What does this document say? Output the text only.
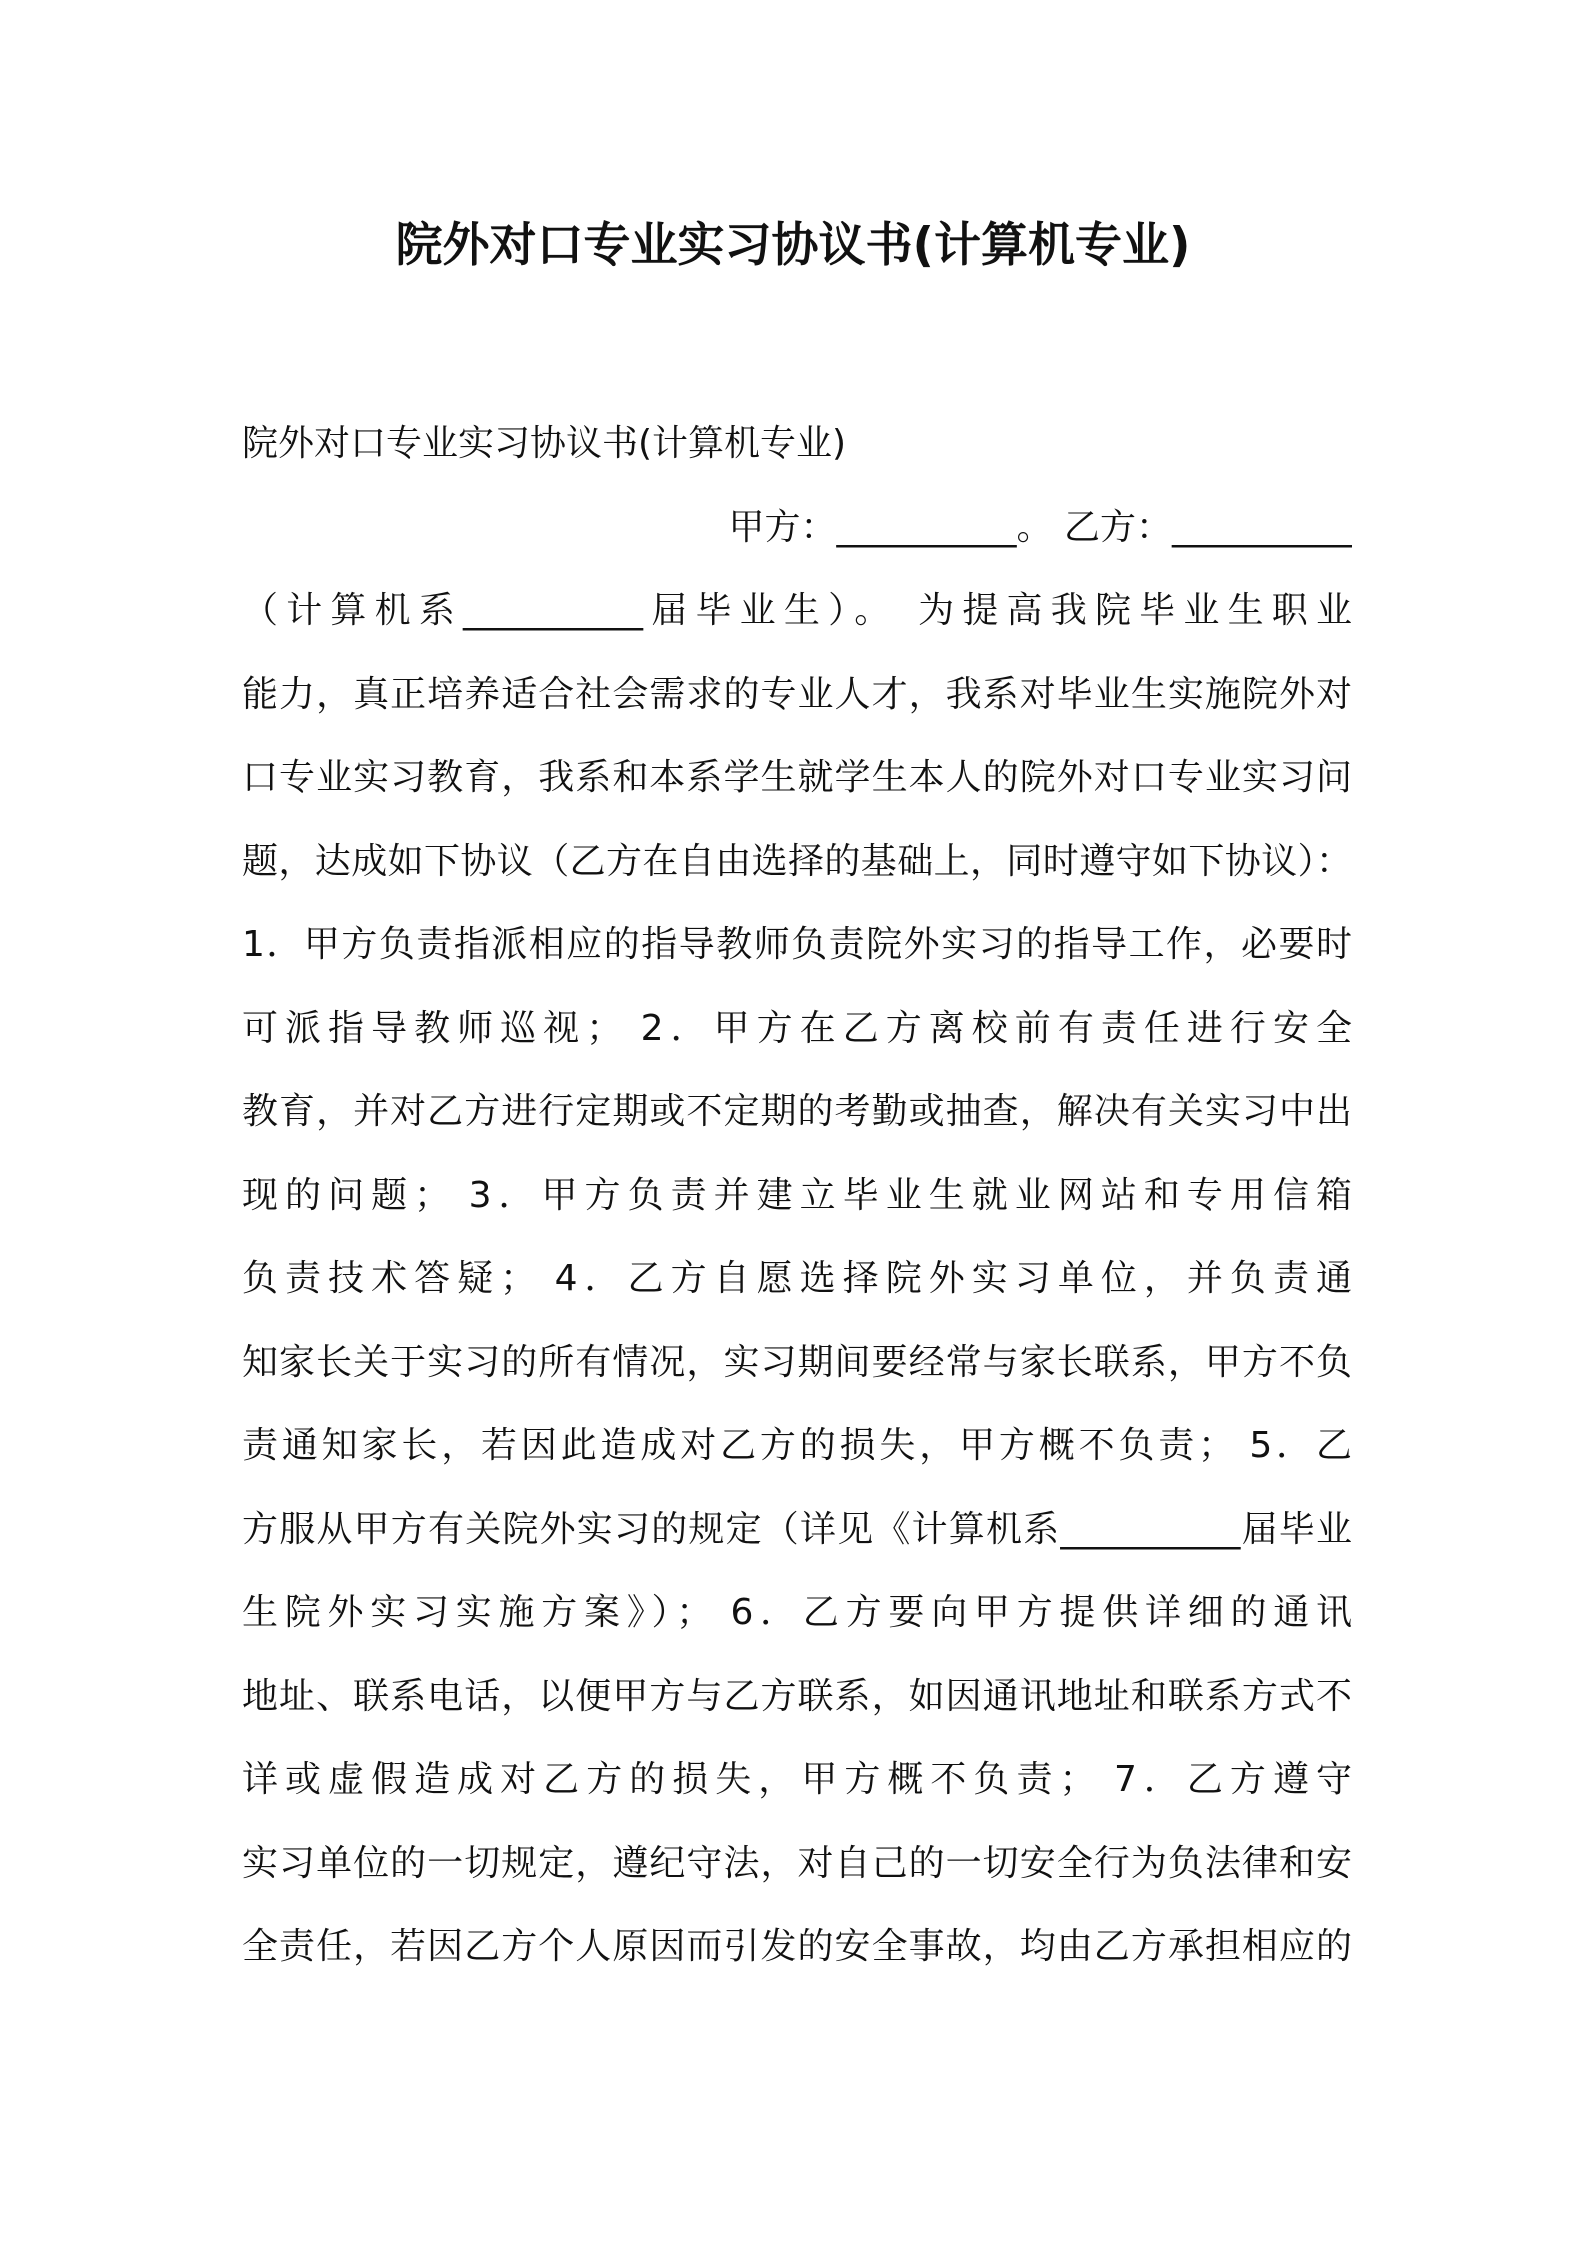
院外对口专业实习协议书(计算机专业)
院外对口专业实习协议书(计算机专业)
甲方：__________。 乙方：__________
（计算机系__________届毕业生）。 为提高我院毕业生职业
能力，真正培养适合社会需求的专业人才，我系对毕业生实施院外对
口专业实习教育，我系和本系学生就学生本人的院外对口专业实习问
题，达成如下协议（乙方在自由选择的基础上，同时遵守如下协议）：
1．甲方负责指派相应的指导教师负责院外实习的指导工作，必要时
可派指导教师巡视； 2．甲方在乙方离校前有责任进行安全
教育，并对乙方进行定期或不定期的考勤或抽查，解决有关实习中出
现的问题； 3．甲方负责并建立毕业生就业网站和专用信箱
负责技术答疑； 4．乙方自愿选择院外实习单位，并负责通
知家长关于实习的所有情况，实习期间要经常与家长联系，甲方不负
责通知家长，若因此造成对乙方的损失，甲方概不负责； 5．乙
方服从甲方有关院外实习的规定（详见《计算机系__________届毕业
生院外实习实施方案》）； 6．乙方要向甲方提供详细的通讯
地址、联系电话，以便甲方与乙方联系，如因通讯地址和联系方式不
详或虚假造成对乙方的损失，甲方概不负责； 7．乙方遵守
实习单位的一切规定，遵纪守法，对自己的一切安全行为负法律和安
全责任，若因乙方个人原因而引发的安全事故，均由乙方承担相应的
